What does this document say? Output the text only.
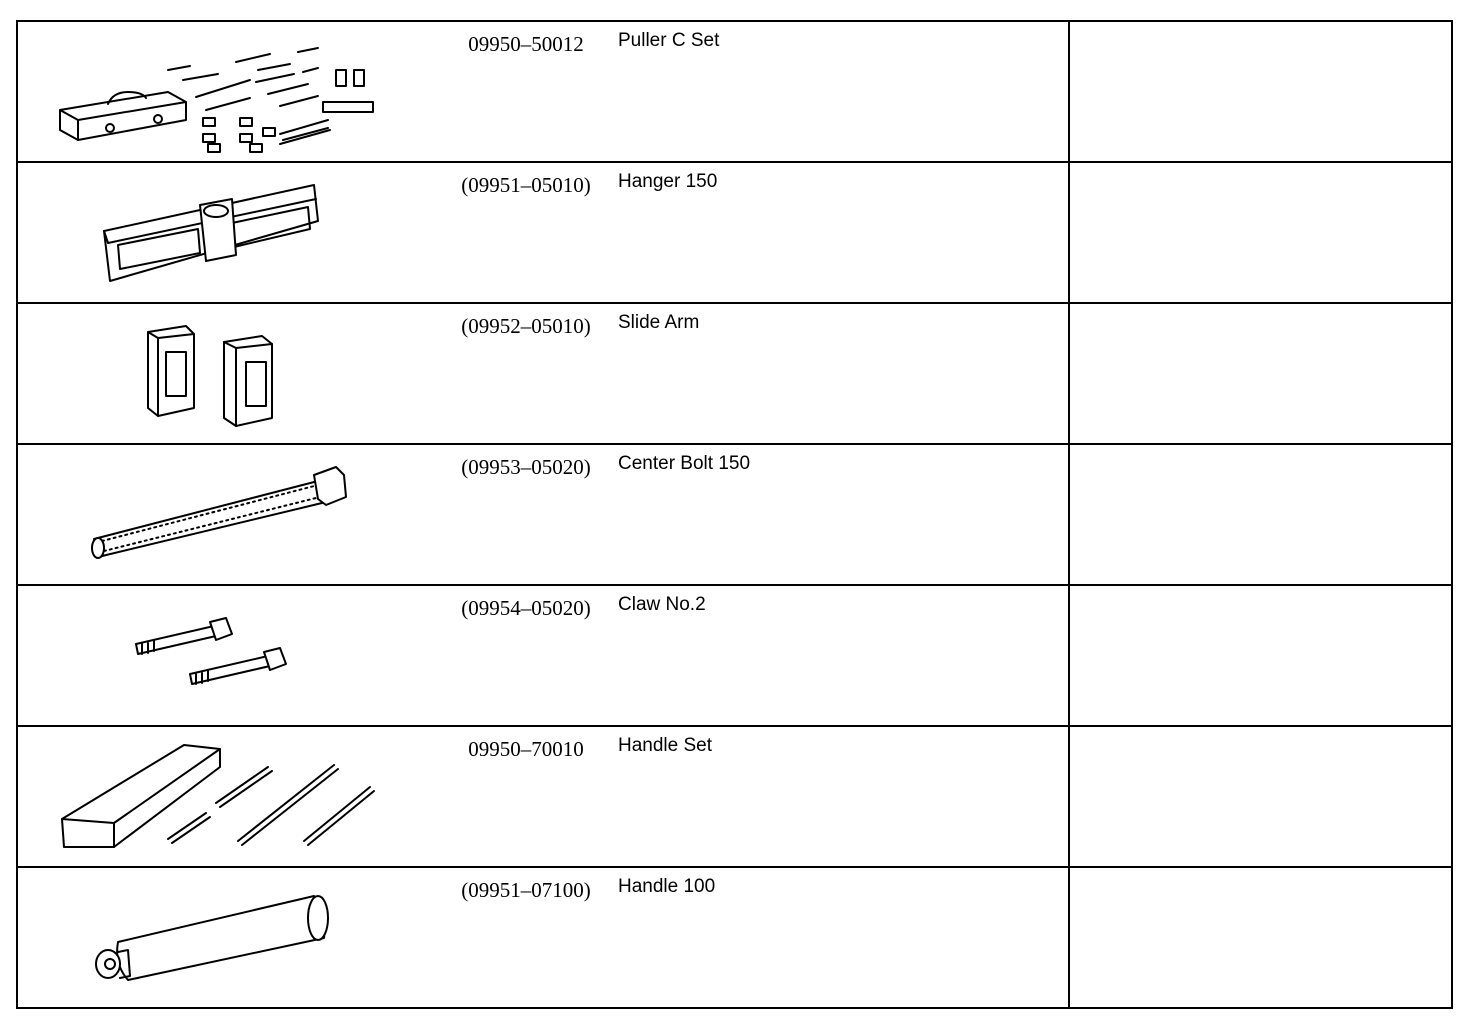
09950–50012 Puller C Set	

(09951–05010) Hanger 150	

(09952–05010) Slide Arm	

(09953–05020) Center Bolt 150	

(09954–05020) Claw No.2	

09950–70010 Handle Set	

(09951–07100) Handle 100	
